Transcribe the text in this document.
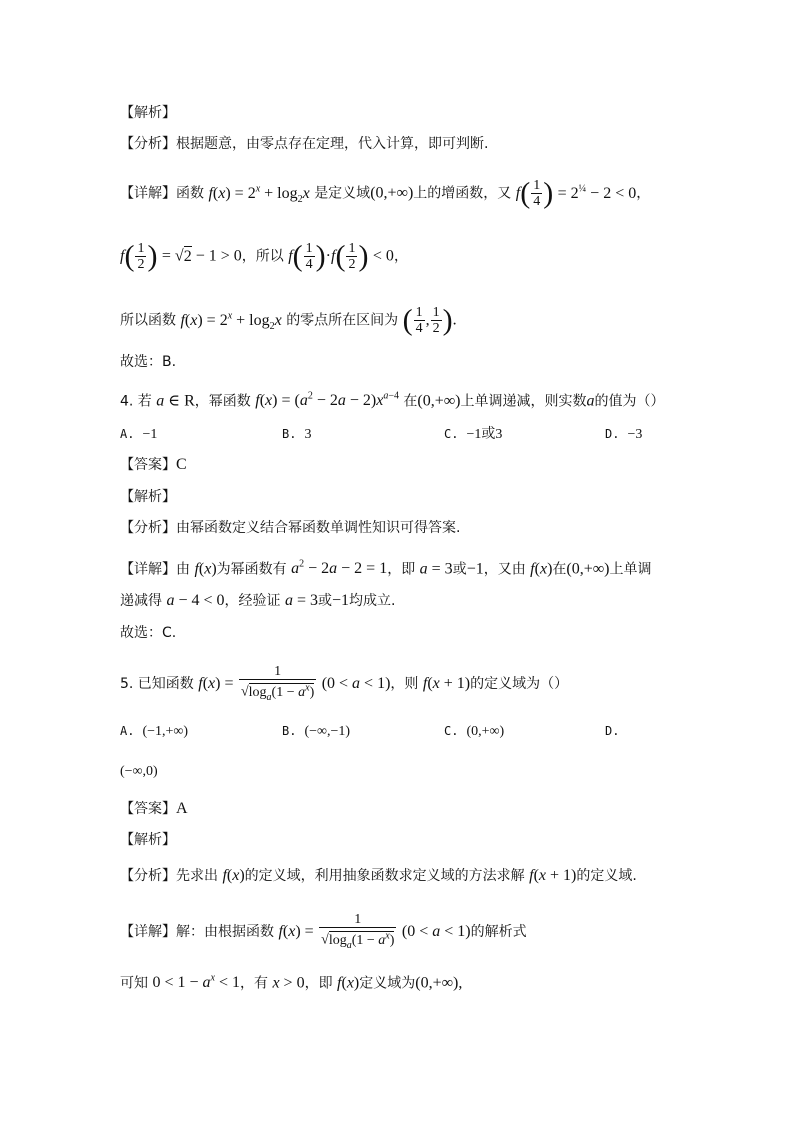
【解析】
【分析】根据题意，由零点存在定理，代入计算，即可判断.
【详解】函数 $f(x) = 2^x + \log_2x$ 是定义域(0,+∞)上的增函数，又 $f( \frac{1}{4}$ ) = $2^{\frac{1}{4}} - 2 < 0$，
$f( \frac{1}{2}$ ) = √2 − 1 > 0，所以 $f( \frac{1}{4} )\cdot f( \frac{1}{2}$ ) < 0，
所以函数 $f(x) = 2^x + \log_2x$ 的零点所在区间为 ( $\frac{1}{4}$ , $\frac{1}{2}$ ).
故选：B.
4. 若 a ∈ R，幂函数 $f(x) = (a^2 - 2a - 2)x^{a-4}$ 在(0,+∞)上单调递减，则实数a的值为（）
A. −1	B. 3	C. −1或3	D. −3
【答案】C
【解析】
【分析】由幂函数定义结合幂函数单调性知识可得答案.
【详解】由 f(x)为幂函数有 $a^2 - 2a - 2 = 1$，即 a = 3或−1，又由 f(x)在(0,+∞)上单调
递减得 a − 4 < 0，经验证 a = 3或−1均成立.
故选：C.
5. 已知函数 $f(x) = \frac{1}{√\log_a(1 - a^x)} (0 < a < 1)$，则 f(x + 1)的定义域为（）
A. (−1,+∞)	B. (−∞,−1)	C. (0,+∞)	D.
(−∞,0)
【答案】A
【解析】
【分析】先求出 f(x)的定义域，利用抽象函数求定义域的方法求解 f(x + 1)的定义域.
【详解】解：由根据函数 $f(x) = \frac{1}{√\log_a(1 - a^x)} (0 < a < 1)$的解析式
可知 $0 < 1 - a^x < 1$，有 x > 0，即 f(x)定义域为(0,+∞),
